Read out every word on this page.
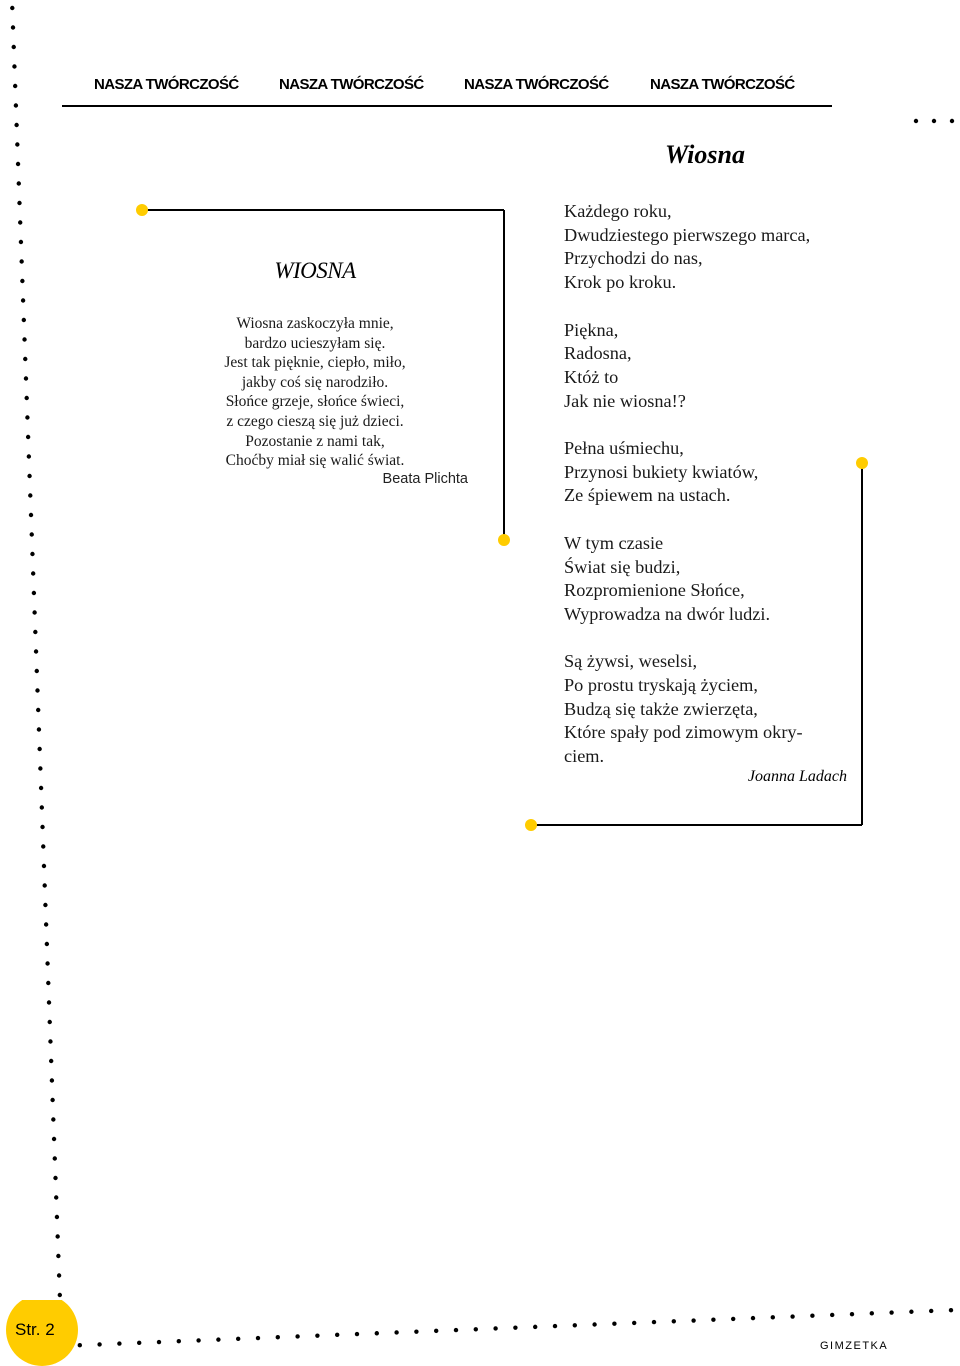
NASZA TWÓRCZOŚĆ	NASZA TWÓRCZOŚĆ	NASZA TWÓRCZOŚĆ	NASZA TWÓRCZOŚĆ
WIOSNA
Wiosna zaskoczyła mnie,
bardzo ucieszyłam się.
Jest tak pięknie, ciepło, miło,
jakby coś się narodziło.
Słońce grzeje, słońce świeci,
z czego cieszą się już dzieci.
Pozostanie z nami tak,
Choćby miał się walić świat.
Beata Plichta
Wiosna
Każdego roku,
Dwudziestego pierwszego marca,
Przychodzi do nas,
Krok po kroku.
Piękna,
Radosna,
Któż to
Jak nie wiosna!?
Pełna uśmiechu,
Przynosi bukiety kwiatów,
Ze śpiewem na ustach.
W tym czasie
Świat się budzi,
Rozpromienione Słońce,
Wyprowadza na dwór ludzi.
Są żywsi, weselsi,
Po prostu tryskają życiem,
Budzą się także zwierzęta,
Które spały pod zimowym okry-
ciem.
Joanna Ladach
Str. 2
GIMZETKA
